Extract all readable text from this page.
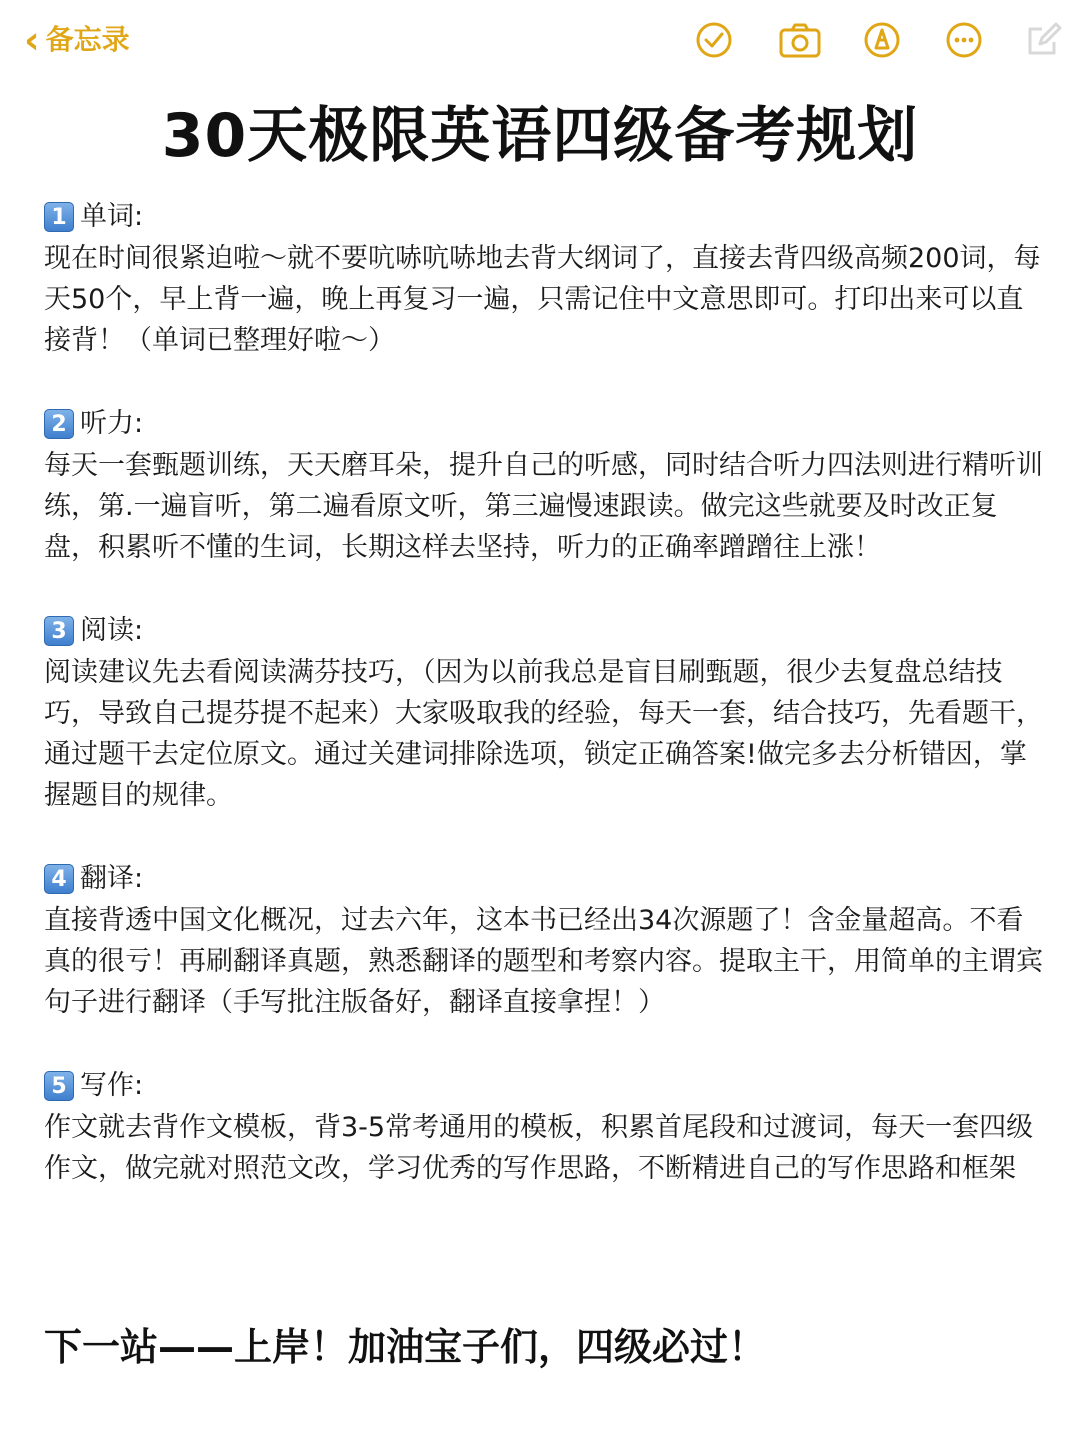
‹ 备忘录
30天极限英语四级备考规划
1 单词:
现在时间很紧迫啦～就不要吭哧吭哧地去背大纲词了，直接去背四级高频200词，每天50个，早上背一遍，晚上再复习一遍，只需记住中文意思即可。打印出来可以直接背！（单词已整理好啦～）
2 听力:
每天一套甄题训练，天天磨耳朵，提升自己的听感，同时结合听力四法则进行精听训练，第.一遍盲听，第二遍看原文听，第三遍慢速跟读。做完这些就要及时改正复盘，积累听不懂的生词，长期这样去坚持，听力的正确率蹭蹭往上涨！
3 阅读:
阅读建议先去看阅读满芬技巧，（因为以前我总是盲目刷甄题，很少去复盘总结技巧，导致自己提芬提不起来）大家吸取我的经验，每天一套，结合技巧，先看题干，通过题干去定位原文。通过关建词排除选项，锁定正确答案!做完多去分析错因，掌握题目的规律。
4 翻译:
直接背透中国文化概况，过去六年，这本书已经出34次源题了！含金量超高。不看真的很亏！再刷翻译真题，熟悉翻译的题型和考察内容。提取主干，用简单的主谓宾句子进行翻译（手写批注版备好，翻译直接拿捏！）
5 写作:
作文就去背作文模板，背3-5常考通用的模板，积累首尾段和过渡词，每天一套四级作文，做完就对照范文改，学习优秀的写作思路，不断精进自己的写作思路和框架
下一站——上岸！加油宝子们，四级必过！
